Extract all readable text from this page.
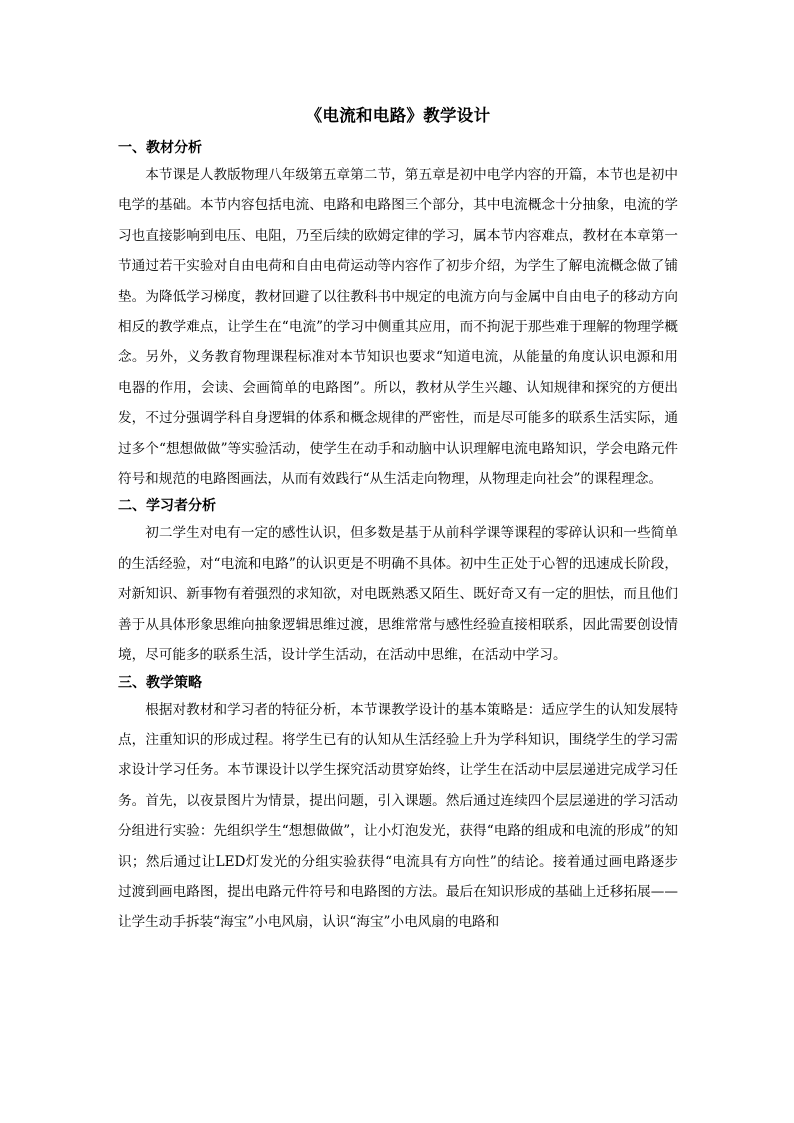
《电流和电路》教学设计
一、教材分析

本节课是人教版物理八年级第五章第二节，第五章是初中电学内容的开篇，本节也是初中电学的基础。本节内容包括电流、电路和电路图三个部分，其中电流概念十分抽象，电流的学习也直接影响到电压、电阻，乃至后续的欧姆定律的学习，属本节内容难点，教材在本章第一节通过若干实验对自由电荷和自由电荷运动等内容作了初步介绍，为学生了解电流概念做了铺垫。为降低学习梯度，教材回避了以往教科书中规定的电流方向与金属中自由电子的移动方向相反的教学难点，让学生在“电流”的学习中侧重其应用，而不拘泥于那些难于理解的物理学概念。另外，义务教育物理课程标准对本节知识也要求“知道电流，从能量的角度认识电源和用电器的作用，会读、会画简单的电路图”。所以，教材从学生兴趣、认知规律和探究的方便出发，不过分强调学科自身逻辑的体系和概念规律的严密性，而是尽可能多的联系生活实际，通过多个“想想做做”等实验活动，使学生在动手和动脑中认识理解电流电路知识，学会电路元件符号和规范的电路图画法，从而有效践行“从生活走向物理，从物理走向社会”的课程理念。

二、学习者分析

初二学生对电有一定的感性认识，但多数是基于从前科学课等课程的零碎认识和一些简单的生活经验，对“电流和电路”的认识更是不明确不具体。初中生正处于心智的迅速成长阶段，对新知识、新事物有着强烈的求知欲，对电既熟悉又陌生、既好奇又有一定的胆怯，而且他们善于从具体形象思维向抽象逻辑思维过渡，思维常常与感性经验直接相联系，因此需要创设情境，尽可能多的联系生活，设计学生活动，在活动中思维，在活动中学习。

三、教学策略

根据对教材和学习者的特征分析，本节课教学设计的基本策略是：适应学生的认知发展特点，注重知识的形成过程。将学生已有的认知从生活经验上升为学科知识，围绕学生的学习需求设计学习任务。本节课设计以学生探究活动贯穿始终，让学生在活动中层层递进完成学习任务。首先，以夜景图片为情景，提出问题，引入课题。然后通过连续四个层层递进的学习活动分组进行实验：先组织学生“想想做做”，让小灯泡发光，获得“电路的组成和电流的形成”的知识；然后通过让LED灯发光的分组实验获得“电流具有方向性”的结论。接着通过画电路逐步过渡到画电路图，提出电路元件符号和电路图的方法。最后在知识形成的基础上迁移拓展——让学生动手拆装“海宝”小电风扇，认识“海宝”小电风扇的电路和
